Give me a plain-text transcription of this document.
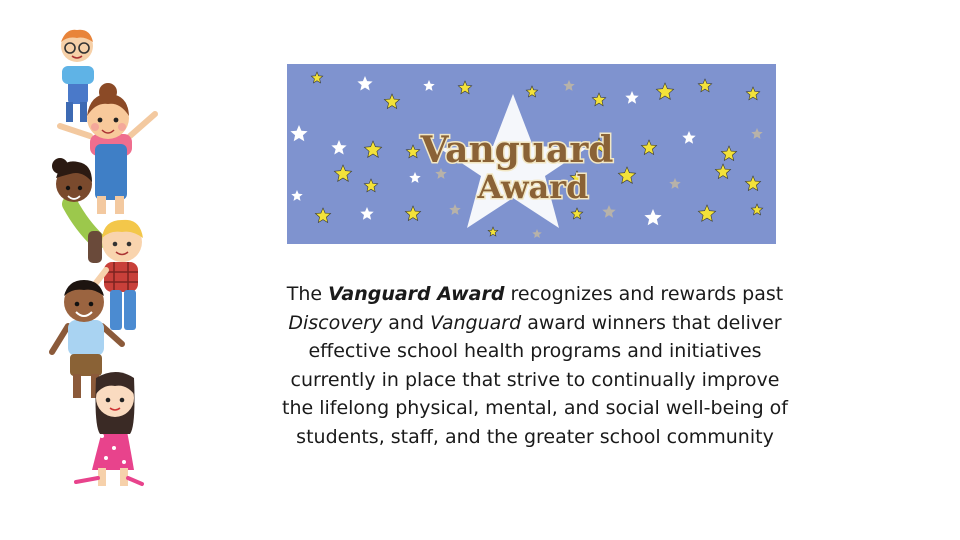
Vanguard
Award

The Vanguard Award recognizes and rewards past Discovery and Vanguard award winners that deliver effective school health programs and initiatives currently in place that strive to continually improve the lifelong physical, mental, and social well-being of students, staff, and the greater school community
